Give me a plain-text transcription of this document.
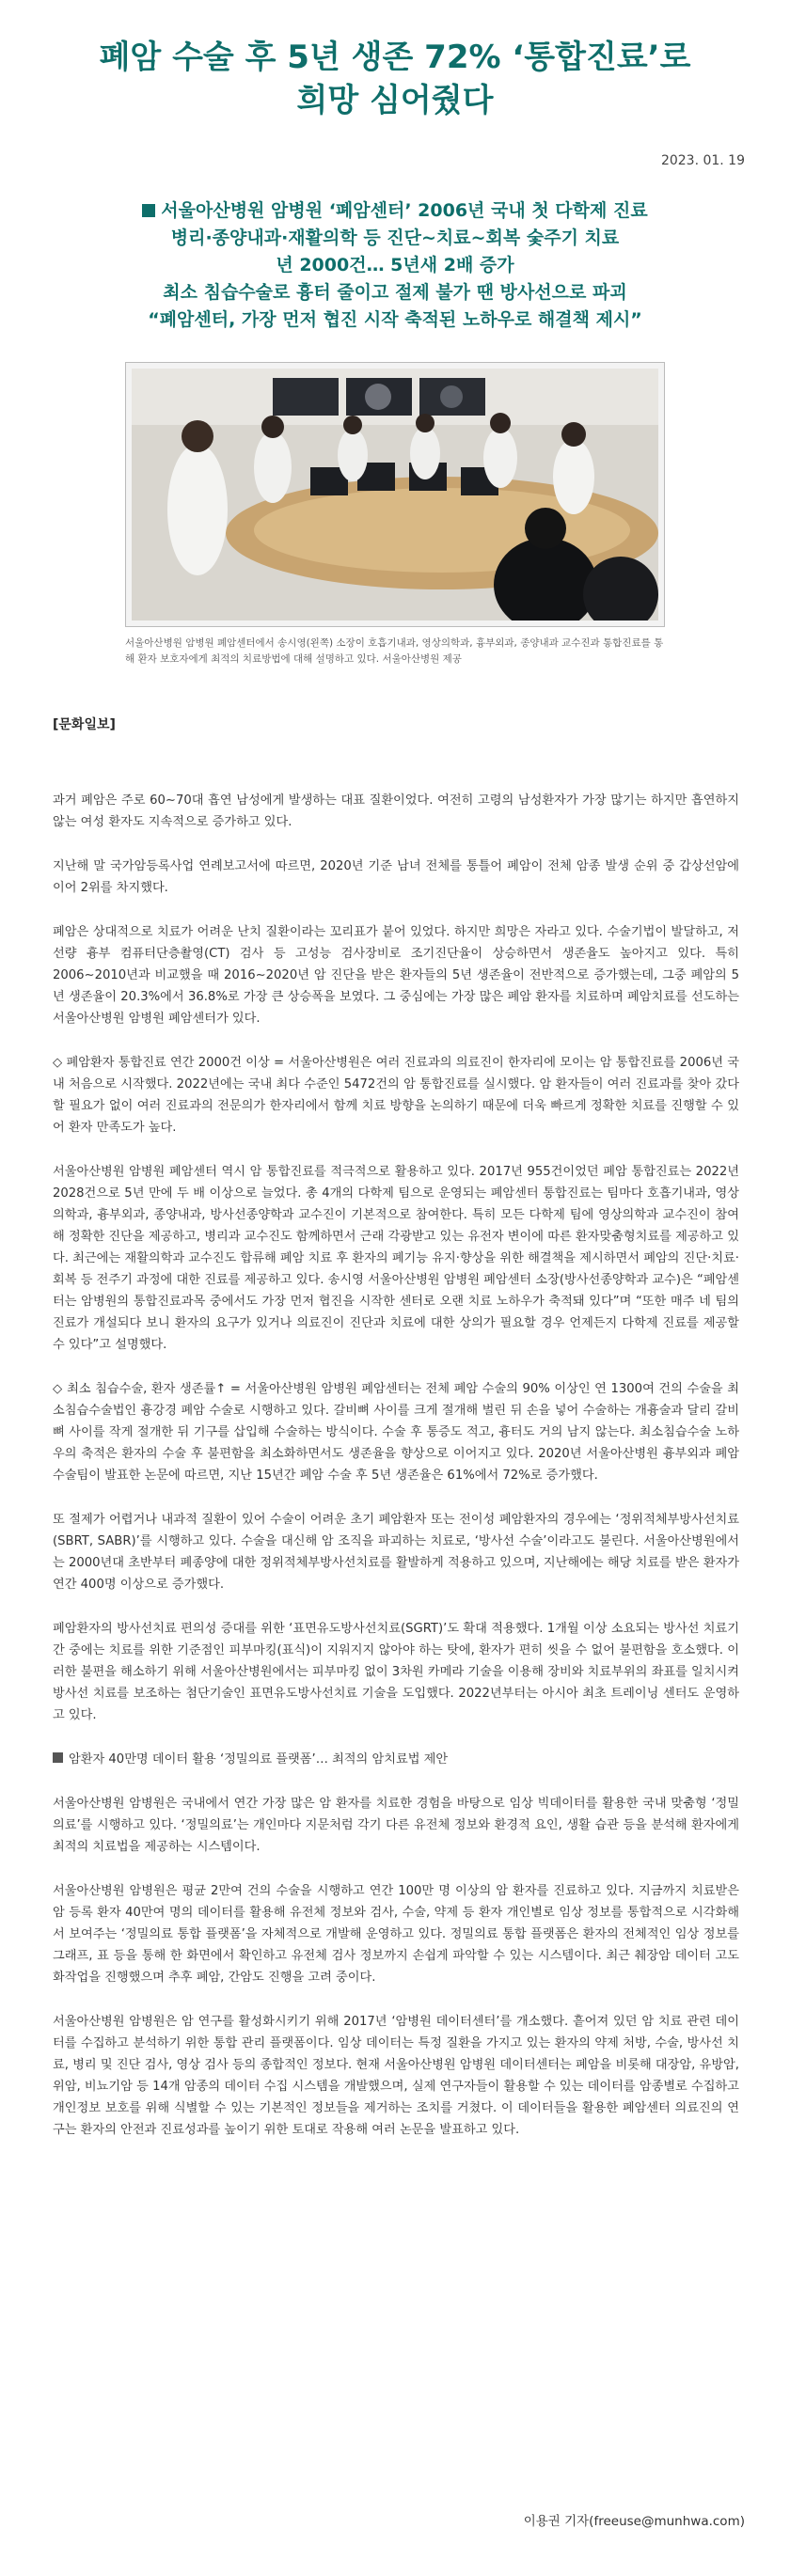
폐암 수술 후 5년 생존 72% ‘통합진료’로
희망 심어줬다
2023. 01. 19
서울아산병원 암병원 ‘폐암센터’ 2006년 국내 첫 다학제 진료
병리·종양내과·재활의학 등 진단~치료~회복 숯주기 치료
년 2000건… 5년새 2배 증가
최소 침습수술로 흉터 줄이고 절제 불가 땐 방사선으로 파괴
“폐암센터, 가장 먼저 협진 시작 축적된 노하우로 해결책 제시”
서울아산병원 암병원 폐암센터에서 송시영(왼쪽) 소장이 호흡기내과, 영상의학과, 흉부외과, 종양내과 교수진과 통합진료를 통해 환자 보호자에게 최적의 치료방법에 대해 설명하고 있다. 서울아산병원 제공
[문화일보]

과거 폐암은 주로 60∼70대 흡연 남성에게 발생하는 대표 질환이었다. 여전히 고령의 남성환자가 가장 많기는 하지만 흡연하지 않는 여성 환자도 지속적으로 증가하고 있다.

지난해 말 국가암등록사업 연례보고서에 따르면, 2020년 기준 남녀 전체를 통틀어 폐암이 전체 암종 발생 순위 중 갑상선암에 이어 2위를 차지했다.

폐암은 상대적으로 치료가 어려운 난치 질환이라는 꼬리표가 붙어 있었다. 하지만 희망은 자라고 있다. 수술기법이 발달하고, 저선량 흉부 컴퓨터단층촬영(CT) 검사 등 고성능 검사장비로 조기진단율이 상승하면서 생존율도 높아지고 있다. 특히 2006∼2010년과 비교했을 때 2016∼2020년 암 진단을 받은 환자들의 5년 생존율이 전반적으로 증가했는데, 그중 폐암의 5년 생존율이 20.3%에서 36.8%로 가장 큰 상승폭을 보였다. 그 중심에는 가장 많은 폐암 환자를 치료하며 폐암치료를 선도하는 서울아산병원 암병원 폐암센터가 있다.

◇ 폐암환자 통합진료 연간 2000건 이상 = 서울아산병원은 여러 진료과의 의료진이 한자리에 모이는 암 통합진료를 2006년 국내 처음으로 시작했다. 2022년에는 국내 최다 수준인 5472건의 암 통합진료를 실시했다. 암 환자들이 여러 진료과를 찾아 갔다 할 필요가 없이 여러 진료과의 전문의가 한자리에서 함께 치료 방향을 논의하기 때문에 더욱 빠르게 정확한 치료를 진행할 수 있어 환자 만족도가 높다.

서울아산병원 암병원 폐암센터 역시 암 통합진료를 적극적으로 활용하고 있다. 2017년 955건이었던 폐암 통합진료는 2022년 2028건으로 5년 만에 두 배 이상으로 늘었다. 총 4개의 다학제 팀으로 운영되는 폐암센터 통합진료는 팀마다 호흡기내과, 영상의학과, 흉부외과, 종양내과, 방사선종양학과 교수진이 기본적으로 참여한다. 특히 모든 다학제 팀에 영상의학과 교수진이 참여해 정확한 진단을 제공하고, 병리과 교수진도 함께하면서 근래 각광받고 있는 유전자 변이에 따른 환자맞춤형치료를 제공하고 있다. 최근에는 재활의학과 교수진도 합류해 폐암 치료 후 환자의 폐기능 유지·향상을 위한 해결책을 제시하면서 폐암의 진단·치료·회복 등 전주기 과정에 대한 진료를 제공하고 있다. 송시영 서울아산병원 암병원 폐암센터 소장(방사선종양학과 교수)은 “폐암센터는 암병원의 통합진료과목 중에서도 가장 먼저 협진을 시작한 센터로 오랜 치료 노하우가 축적돼 있다”며 “또한 매주 네 팀의 진료가 개설되다 보니 환자의 요구가 있거나 의료진이 진단과 치료에 대한 상의가 필요할 경우 언제든지 다학제 진료를 제공할 수 있다”고 설명했다.

◇ 최소 침습수술, 환자 생존률↑ = 서울아산병원 암병원 폐암센터는 전체 폐암 수술의 90% 이상인 연 1300여 건의 수술을 최소침습수술법인 흉강경 폐암 수술로 시행하고 있다. 갈비뼈 사이를 크게 절개해 벌린 뒤 손을 넣어 수술하는 개흉술과 달리 갈비뼈 사이를 작게 절개한 뒤 기구를 삽입해 수술하는 방식이다. 수술 후 통증도 적고, 흉터도 거의 남지 않는다. 최소침습수술 노하우의 축적은 환자의 수술 후 불편함을 최소화하면서도 생존율을 향상으로 이어지고 있다. 2020년 서울아산병원 흉부외과 폐암수술팀이 발표한 논문에 따르면, 지난 15년간 폐암 수술 후 5년 생존율은 61%에서 72%로 증가했다.

또 절제가 어렵거나 내과적 질환이 있어 수술이 어려운 초기 폐암환자 또는 전이성 폐암환자의 경우에는 ‘정위적체부방사선치료(SBRT, SABR)’를 시행하고 있다. 수술을 대신해 암 조직을 파괴하는 치료로, ‘방사선 수술’이라고도 불린다. 서울아산병원에서는 2000년대 초반부터 폐종양에 대한 정위적체부방사선치료를 활발하게 적용하고 있으며, 지난해에는 해당 치료를 받은 환자가 연간 400명 이상으로 증가했다.

폐암환자의 방사선치료 편의성 증대를 위한 ‘표면유도방사선치료(SGRT)’도 확대 적용했다. 1개월 이상 소요되는 방사선 치료기간 중에는 치료를 위한 기준점인 피부마킹(표식)이 지워지지 않아야 하는 탓에, 환자가 편히 씻을 수 없어 불편함을 호소했다. 이러한 불편을 해소하기 위해 서울아산병원에서는 피부마킹 없이 3차원 카메라 기술을 이용해 장비와 치료부위의 좌표를 일치시켜 방사선 치료를 보조하는 첨단기술인 표면유도방사선치료 기술을 도입했다. 2022년부터는 아시아 최초 트레이닝 센터도 운영하고 있다.

암환자 40만명 데이터 활용 ‘정밀의료 플랫폼’… 최적의 암치료법 제안

서울아산병원 암병원은 국내에서 연간 가장 많은 암 환자를 치료한 경험을 바탕으로 임상 빅데이터를 활용한 국내 맞춤형 ‘정밀의료’를 시행하고 있다. ‘정밀의료’는 개인마다 지문처럼 각기 다른 유전체 정보와 환경적 요인, 생활 습관 등을 분석해 환자에게 최적의 치료법을 제공하는 시스템이다.

서울아산병원 암병원은 평균 2만여 건의 수술을 시행하고 연간 100만 명 이상의 암 환자를 진료하고 있다. 지금까지 치료받은 암 등록 환자 40만여 명의 데이터를 활용해 유전체 정보와 검사, 수술, 약제 등 환자 개인별로 임상 정보를 통합적으로 시각화해서 보여주는 ‘정밀의료 통합 플랫폼’을 자체적으로 개발해 운영하고 있다. 정밀의료 통합 플랫폼은 환자의 전체적인 임상 정보를 그래프, 표 등을 통해 한 화면에서 확인하고 유전체 검사 정보까지 손쉽게 파악할 수 있는 시스템이다. 최근 췌장암 데이터 고도화작업을 진행했으며 추후 폐암, 간암도 진행을 고려 중이다.

서울아산병원 암병원은 암 연구를 활성화시키기 위해 2017년 ‘암병원 데이터센터’를 개소했다. 흩어져 있던 암 치료 관련 데이터를 수집하고 분석하기 위한 통합 관리 플랫폼이다. 임상 데이터는 특정 질환을 가지고 있는 환자의 약제 처방, 수술, 방사선 치료, 병리 및 진단 검사, 영상 검사 등의 종합적인 정보다. 현재 서울아산병원 암병원 데이터센터는 폐암을 비롯해 대장암, 유방암, 위암, 비뇨기암 등 14개 암종의 데이터 수집 시스템을 개발했으며, 실제 연구자들이 활용할 수 있는 데이터를 암종별로 수집하고 개인정보 보호를 위해 식별할 수 있는 기본적인 정보들을 제거하는 조치를 거쳤다. 이 데이터들을 활용한 폐암센터 의료진의 연구는 환자의 안전과 진료성과를 높이기 위한 토대로 작용해 여러 논문을 발표하고 있다.

이용권 기자(freeuse@munhwa.com)
